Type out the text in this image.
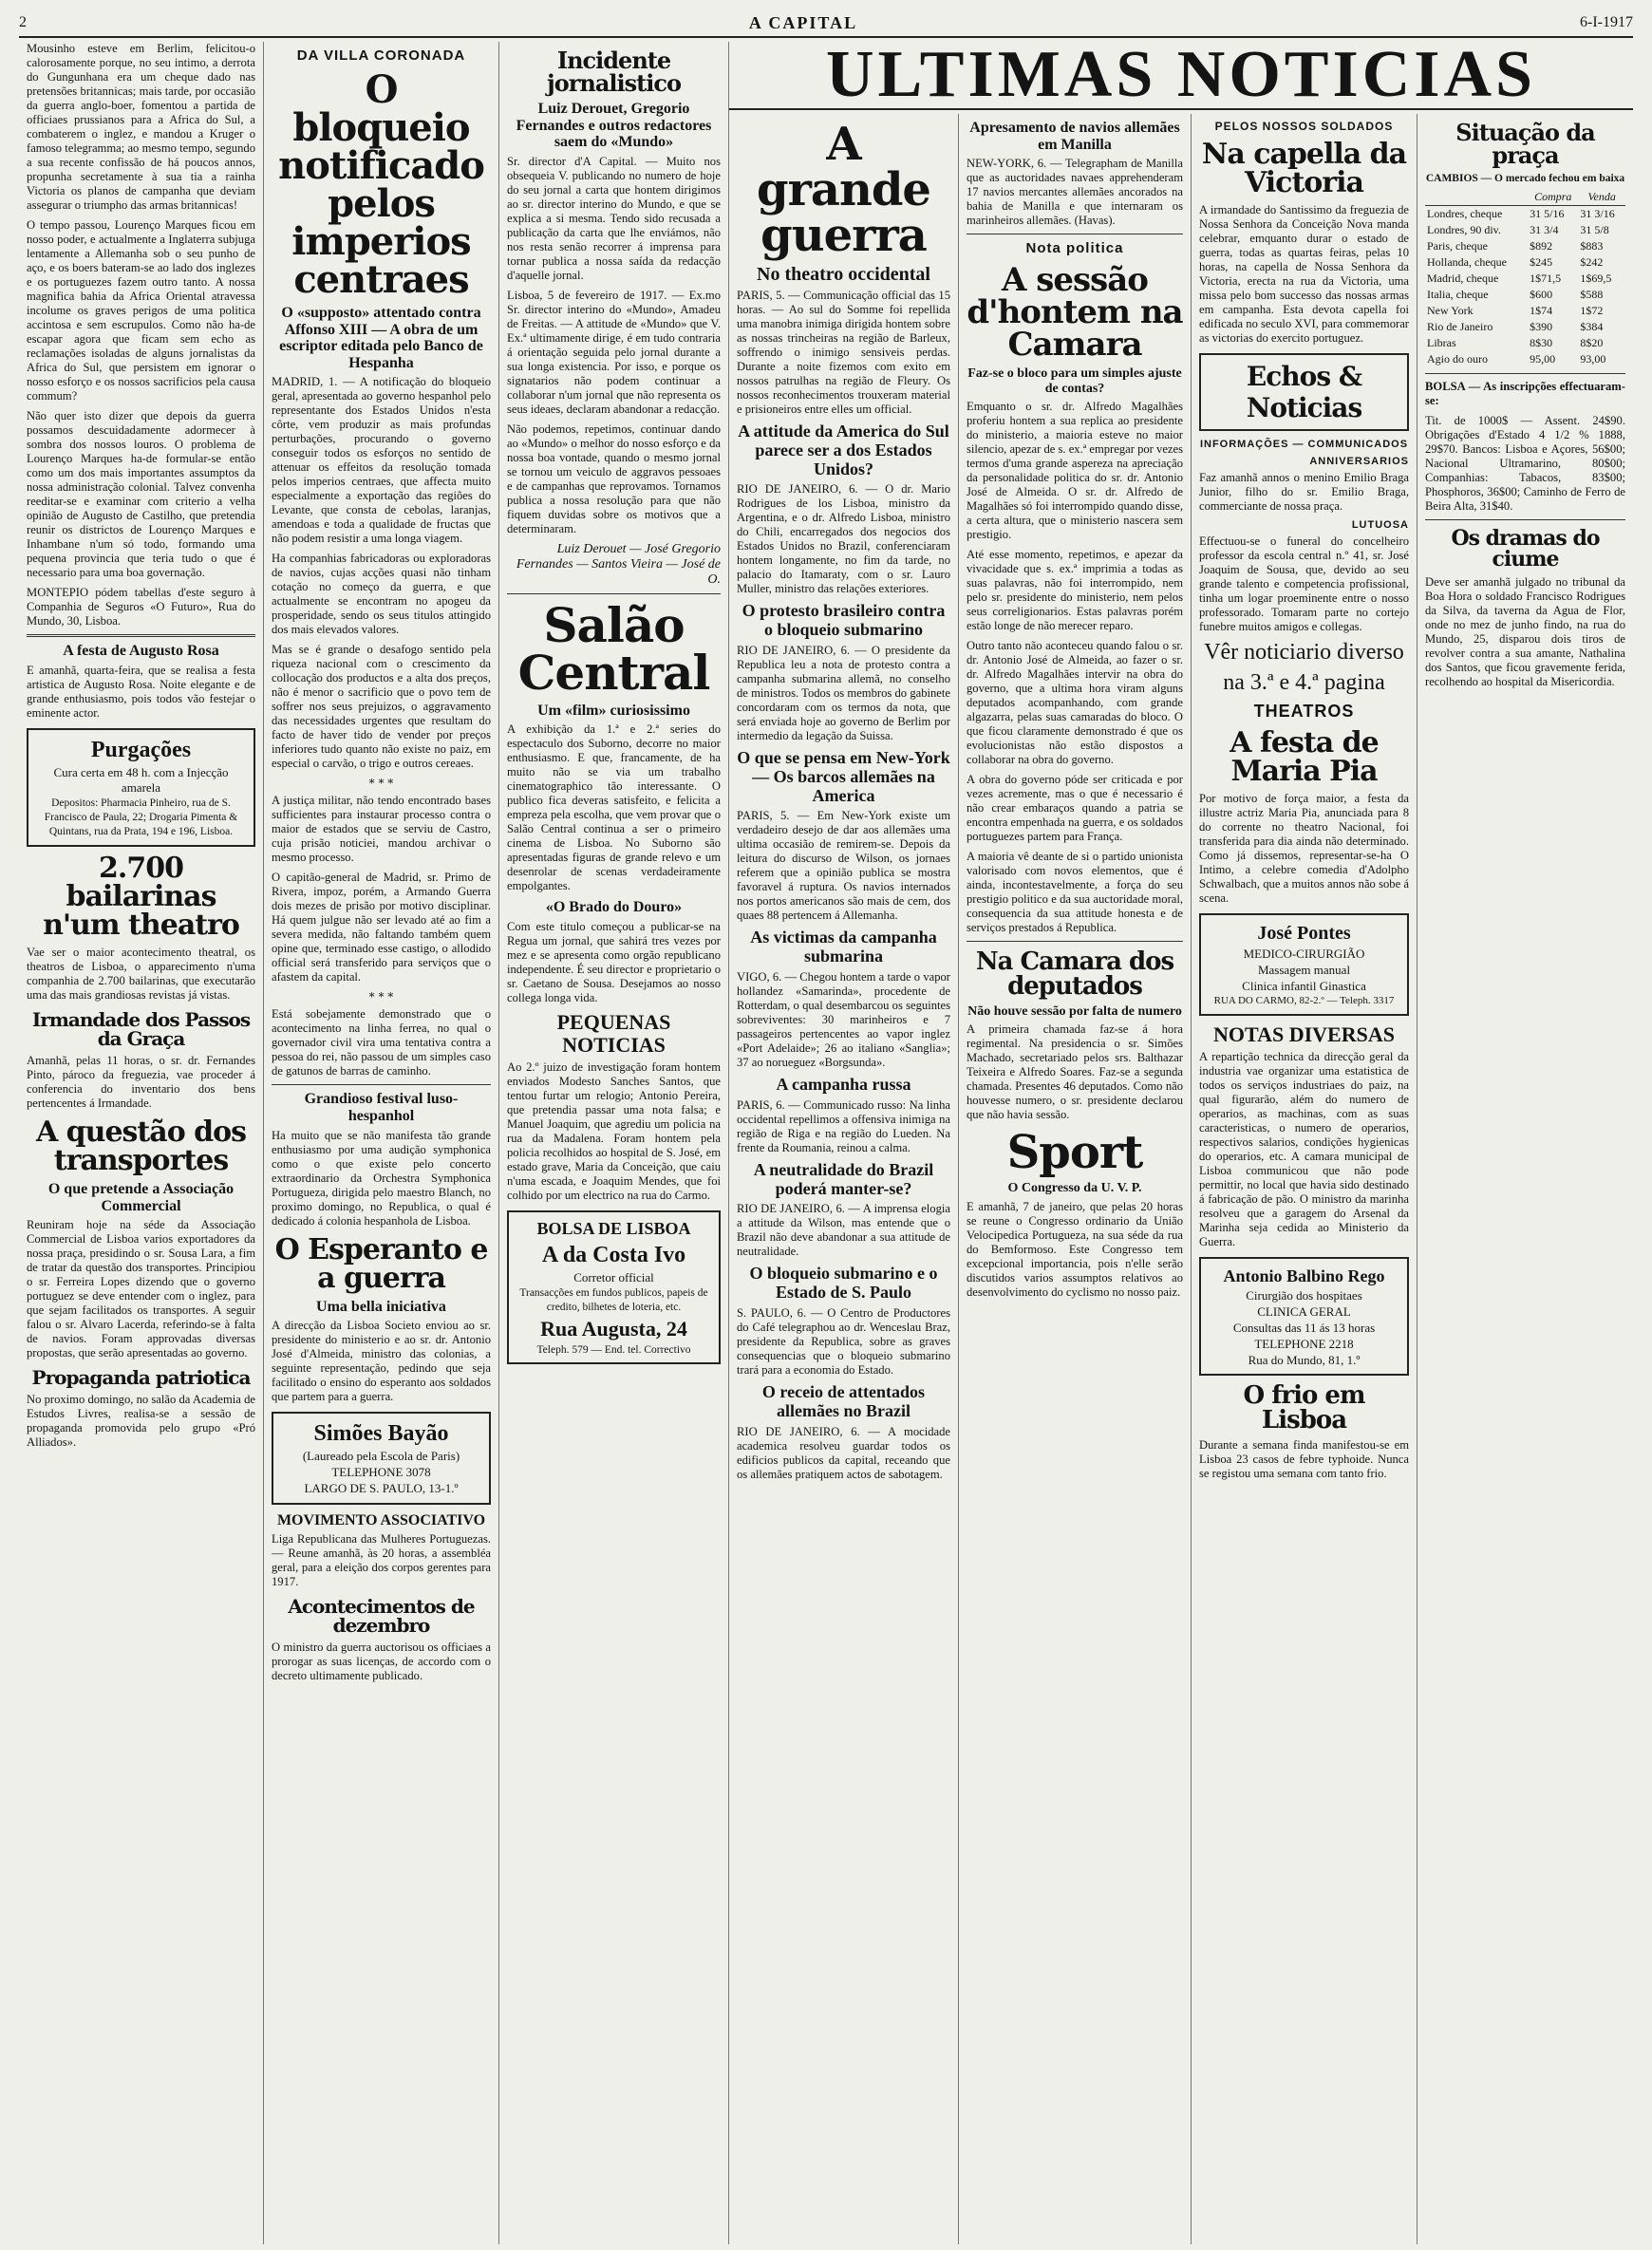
2	A CAPITAL	6-I-1917

Mousinho esteve em Berlim, felicitou-o calorosamente porque, no seu intimo, a derrota do Gungunhana era um cheque dado nas pretensões britannicas; mais tarde, por occasião da guerra anglo-boer, fomentou a partida de officiaes prussianos para a Africa do Sul, a combaterem o inglez, e mandou a Kruger o famoso telegramma; ao mesmo tempo, segundo a sua recente confissão de há poucos annos, propunha secretamente à sua tia a rainha Victoria os planos de campanha que deviam assegurar o triumpho das armas britannicas!

O tempo passou, Lourenço Marques ficou em nosso poder, e actualmente a Inglaterra subjuga lentamente a Allemanha sob o seu punho de aço, e os boers bateram-se ao lado dos inglezes e os portuguezes fazem outro tanto. A nossa magnifica bahia da Africa Oriental atravessa incolume os graves perigos de uma politica accintosa e sem escrupulos. Como não ha-de escapar agora que ficam sem echo as reclamações isoladas de alguns jornalistas da Africa do Sul, que persistem em ignorar o nosso esforço e os nossos sacrificios pela causa commum?

Não quer isto dizer que depois da guerra possamos descuidadamente adormecer à sombra dos nossos louros. O problema de Lourenço Marques ha-de formular-se então como um dos mais importantes assumptos da nossa administração colonial. Talvez convenha reeditar-se e examinar com criterio a velha opinião de Augusto de Castilho, que pretendia reunir os districtos de Lourenço Marques e Inhambane n'um só todo, formando uma pequena provincia que teria tudo o que é necessario para uma boa governação.

MONTEPIO pódem tabellas d'este seguro à Companhia de Seguros «O Futuro», Rua do Mundo, 30, Lisboa.

A festa de Augusto Rosa

E amanhã, quarta-feira, que se realisa a festa artistica de Augusto Rosa. Noite elegante e de grande enthusiasmo, pois todos vão festejar o eminente actor.

Purgações
Cura certa em 48 h. com a Injecção amarela
Depositos: Pharmacia Pinheiro, rua de S. Francisco de Paula, 22; Drogaria Pimenta & Quintans, rua da Prata, 194 e 196, Lisboa.
2.700 bailarinas n'um theatro

Vae ser o maior acontecimento theatral, os theatros de Lisboa, o apparecimento n'uma companhia de 2.700 bailarinas, que executarão uma das mais grandiosas revistas já vistas.

Irmandade dos Passos da Graça

Amanhã, pelas 11 horas, o sr. dr. Fernandes Pinto, pároco da freguezia, vae proceder á conferencia do inventario dos bens pertencentes á Irmandade.

A questão dos transportes
O que pretende a Associação Commercial

Reuniram hoje na séde da Associação Commercial de Lisboa varios exportadores da nossa praça, presidindo o sr. Sousa Lara, a fim de tratar da questão dos transportes. Principiou o sr. Ferreira Lopes dizendo que o governo portuguez se deve entender com o inglez, para que sejam facilitados os transportes. A seguir falou o sr. Alvaro Lacerda, referindo-se à falta de navios. Foram approvadas diversas propostas, que serão apresentadas ao governo.

Propaganda patriotica

No proximo domingo, no salão da Academia de Estudos Livres, realisa-se a sessão de propaganda promovida pelo grupo «Pró Alliados».

DA VILLA CORONADA
O bloqueio notificado pelos imperios centraes
O «supposto» attentado contra Affonso XIII — A obra de um escriptor editada pelo Banco de Hespanha

MADRID, 1. — A notificação do bloqueio geral, apresentada ao governo hespanhol pelo representante dos Estados Unidos n'esta côrte, vem produzir as mais profundas perturbações, procurando o governo conseguir todos os esforços no sentido de attenuar os effeitos da resolução tomada pelos imperios centraes, que affecta muito especialmente a exportação das regiões do Levante, que consta de cebolas, laranjas, amendoas e toda a qualidade de fructas que não podem resistir a uma longa viagem.

Ha companhias fabricadoras ou exploradoras de navios, cujas acções quasi não tinham cotação no começo da guerra, e que actualmente se encontram no apogeu da prosperidade, sendo os seus titulos attingido dos mais elevados valores.

Mas se é grande o desafogo sentido pela riqueza nacional com o crescimento da collocação dos productos e a alta dos preços, não é menor o sacrificio que o povo tem de soffrer nos seus prejuizos, o aggravamento das necessidades urgentes que resultam do facto de haver tido de vender por preços inferiores tudo quanto não existe no paiz, em especial o carvão, o trigo e outros cereaes.

* * *

A justiça militar, não tendo encontrado bases sufficientes para instaurar processo contra o maior de estados que se serviu de Castro, cuja prisão noticiei, mandou archivar o mesmo processo.

O capitão-general de Madrid, sr. Primo de Rivera, impoz, porém, a Armando Guerra dois mezes de prisão por motivo disciplinar. Há quem julgue não ser levado até ao fim a severa medida, não faltando também quem opine que, terminado esse castigo, o allodido official será transferido para serviços que o afastem da capital.

* * *

Está sobejamente demonstrado que o acontecimento na linha ferrea, no qual o governador civil vira uma tentativa contra a pessoa do rei, não passou de um simples caso de gatunos de barras de caminho.

Grandioso festival luso-hespanhol

Ha muito que se não manifesta tão grande enthusiasmo por uma audição symphonica como o que existe pelo concerto extraordinario da Orchestra Symphonica Portugueza, dirigida pelo maestro Blanch, no proximo domingo, no Republica, o qual é dedicado á colonia hespanhola de Lisboa.

O Esperanto e a guerra
Uma bella iniciativa

A direcção da Lisboa Societo enviou ao sr. presidente do ministerio e ao sr. dr. Antonio José d'Almeida, ministro das colonias, a seguinte representação, pedindo que seja facilitado o ensino do esperanto aos soldados que partem para a guerra.

Simões Bayão
(Laureado pela Escola de Paris)
TELEPHONE 3078
LARGO DE S. PAULO, 13-1.º
MOVIMENTO ASSOCIATIVO

Liga Republicana das Mulheres Portuguezas. — Reune amanhã, às 20 horas, a assembléa geral, para a eleição dos corpos gerentes para 1917.

Acontecimentos de dezembro

O ministro da guerra auctorisou os officiaes a prorogar as suas licenças, de accordo com o decreto ultimamente publicado.

Incidente jornalistico
Luiz Derouet, Gregorio Fernandes e outros redactores saem do «Mundo»

Sr. director d'A Capital. — Muito nos obsequeia V. publicando no numero de hoje do seu jornal a carta que hontem dirigimos ao sr. director interino do Mundo, e que se explica a si mesma. Tendo sido recusada a publicação da carta que lhe enviámos, não nos resta senão recorrer á imprensa para tornar publica a nossa saída da redacção d'aquelle jornal.

Lisboa, 5 de fevereiro de 1917. — Ex.mo Sr. director interino do «Mundo», Amadeu de Freitas. — A attitude de «Mundo» que V. Ex.ª ultimamente dirige, é em tudo contraria á orientação seguida pelo jornal durante a sua longa existencia. Por isso, e porque os signatarios não podem continuar a collaborar n'um jornal que não representa os seus ideaes, declaram abandonar a redacção.

Não podemos, repetimos, continuar dando ao «Mundo» o melhor do nosso esforço e da nossa boa vontade, quando o mesmo jornal se tornou um veiculo de aggravos pessoaes e de campanhas que reprovamos. Tornamos publica a nossa resolução para que não fiquem duvidas sobre os motivos que a determinaram.

Luiz Derouet — José Gregorio Fernandes — Santos Vieira — José de O.
Salão Central
Um «film» curiosissimo

A exhibição da 1.ª e 2.ª series do espectaculo dos Suborno, decorre no maior enthusiasmo. E que, francamente, de ha muito não se via um trabalho cinematographico tão interessante. O publico fica deveras satisfeito, e felicita a empreza pela escolha, que vem provar que o Salão Central continua a ser o primeiro cinema de Lisboa. No Suborno são apresentadas figuras de grande relevo e um desenrolar de scenas verdadeiramente empolgantes.

«O Brado do Douro»

Com este titulo começou a publicar-se na Regua um jornal, que sahirá tres vezes por mez e se apresenta como orgão republicano independente. É seu director e proprietario o sr. Caetano de Sousa. Desejamos ao nosso collega longa vida.

PEQUENAS NOTICIAS

Ao 2.º juizo de investigação foram hontem enviados Modesto Sanches Santos, que tentou furtar um relogio; Antonio Pereira, que pretendia passar uma nota falsa; e Manuel Joaquim, que agrediu um policia na rua da Madalena. Foram hontem pela policia recolhidos ao hospital de S. José, em estado grave, Maria da Conceição, que caiu n'uma escada, e Joaquim Mendes, que foi colhido por um electrico na rua do Carmo.

BOLSA DE LISBOA
A da Costa Ivo
Corretor official
Transacções em fundos publicos, papeis de credito, bilhetes de loteria, etc.
Rua Augusta, 24
Teleph. 579 — End. tel. Correctivo
ULTIMAS NOTICIAS
A grande guerra
No theatro occidental

PARIS, 5. — Communicação official das 15 horas. — Ao sul do Somme foi repellida uma manobra inimiga dirigida hontem sobre as nossas trincheiras na região de Barleux, soffrendo o inimigo sensiveis perdas. Durante a noite fizemos com exito em nossos patrulhas na região de Fleury. Os nossos reconhecimentos trouxeram material e prisioneiros entre elles um official.

A attitude da America do Sul parece ser a dos Estados Unidos?

RIO DE JANEIRO, 6. — O dr. Mario Rodrigues de los Lisboa, ministro da Argentina, e o dr. Alfredo Lisboa, ministro do Chili, encarregados dos negocios dos Estados Unidos no Brazil, conferenciaram hontem longamente, no fim da tarde, no palacio do Itamaraty, com o sr. Lauro Muller, ministro das relações exteriores.

O protesto brasileiro contra o bloqueio submarino

RIO DE JANEIRO, 6. — O presidente da Republica leu a nota de protesto contra a campanha submarina allemã, no conselho de ministros. Todos os membros do gabinete concordaram com os termos da nota, que será enviada hoje ao governo de Berlim por intermedio da legação da Suissa.

O que se pensa em New-York — Os barcos allemães na America

PARIS, 5. — Em New-York existe um verdadeiro desejo de dar aos allemães uma ultima occasião de remirem-se. Depois da leitura do discurso de Wilson, os jornaes referem que a opinião publica se mostra favoravel á ruptura. Os navios internados nos portos americanos são mais de cem, dos quaes 88 pertencem á Allemanha.

As victimas da campanha submarina

VIGO, 6. — Chegou hontem a tarde o vapor hollandez «Samarinda», procedente de Rotterdam, o qual desembarcou os seguintes sobreviventes: 30 marinheiros e 7 passageiros pertencentes ao vapor inglez «Port Adelaide»; 26 ao italiano «Sanglia»; 37 ao norueguez «Borgsunda».

A campanha russa

PARIS, 6. — Communicado russo: Na linha occidental repellimos a offensiva inimiga na região de Riga e na região do Lueden. Na frente da Roumania, reinou a calma.

A neutralidade do Brazil poderá manter-se?

RIO DE JANEIRO, 6. — A imprensa elogia a attitude da Wilson, mas entende que o Brazil não deve abandonar a sua attitude de neutralidade.

O bloqueio submarino e o Estado de S. Paulo

S. PAULO, 6. — O Centro de Productores do Café telegraphou ao dr. Wenceslau Braz, presidente da Republica, sobre as graves consequencias que o bloqueio submarino trará para a economia do Estado.

O receio de attentados allemães no Brazil

RIO DE JANEIRO, 6. — A mocidade academica resolveu guardar todos os edificios publicos da capital, receando que os allemães pratiquem actos de sabotagem.

Apresamento de navios allemães em Manilla

NEW-YORK, 6. — Telegrapham de Manilla que as auctoridades navaes apprehenderam 17 navios mercantes allemães ancorados na bahia de Manilla e que internaram os marinheiros allemães. (Havas).

Nota politica
A sessão d'hontem na Camara
Faz-se o bloco para um simples ajuste de contas?

Emquanto o sr. dr. Alfredo Magalhães proferiu hontem a sua replica ao presidente do ministerio, a maioria esteve no maior silencio, apezar de s. ex.ª empregar por vezes termos d'uma grande aspereza na apreciação da personalidade politica do sr. dr. Antonio José de Almeida. O sr. dr. Alfredo de Magalhães só foi interrompido quando disse, a certa altura, que o ministerio nascera sem prestigio.

Até esse momento, repetimos, e apezar da vivacidade que s. ex.ª imprimia a todas as suas palavras, não foi interrompido, nem pelo sr. presidente do ministerio, nem pelos seus correligionarios. Estas palavras porém estão longe de não merecer reparo.

Outro tanto não aconteceu quando falou o sr. dr. Antonio José de Almeida, ao fazer o sr. dr. Alfredo Magalhães intervir na obra do governo, que a ultima hora viram alguns deputados acompanhando, com grande algazarra, pelas suas camaradas do bloco. O que ficou claramente demonstrado é que os evolucionistas não estão dispostos a collaborar na obra do governo.

A obra do governo póde ser criticada e por vezes acremente, mas o que é necessario é não crear embaraços quando a patria se encontra empenhada na guerra, e os soldados portuguezes partem para França.

A maioria vê deante de si o partido unionista valorisado com novos elementos, que é ainda, incontestavelmente, a força do seu prestigio politico e da sua auctoridade moral, consequencia da sua attitude honesta e de serviços prestados á Republica.

Na Camara dos deputados
Não houve sessão por falta de numero

A primeira chamada faz-se á hora regimental. Na presidencia o sr. Simões Machado, secretariado pelos srs. Balthazar Teixeira e Alfredo Soares. Faz-se a segunda chamada. Presentes 46 deputados. Como não houvesse numero, o sr. presidente declarou que não havia sessão.

Sport
O Congresso da U. V. P.

E amanhã, 7 de janeiro, que pelas 20 horas se reune o Congresso ordinario da União Velocipedica Portugueza, na sua séde da rua do Bemformoso. Este Congresso tem excepcional importancia, pois n'elle serão discutidos varios assumptos relativos ao desenvolvimento do cyclismo no nosso paiz.

PELOS NOSSOS SOLDADOS
Na capella da Victoria

A irmandade do Santissimo da freguezia de Nossa Senhora da Conceição Nova manda celebrar, emquanto durar o estado de guerra, todas as quartas feiras, pelas 10 horas, na capella de Nossa Senhora da Victoria, erecta na rua da Victoria, uma missa pelo bom successo das nossas armas em campanha. Esta devota capella foi edificada no seculo XVI, para commemorar as victorias do exercito portuguez.

Echos & Noticias
INFORMAÇÕES — COMMUNICADOS
ANNIVERSARIOS

Faz amanhã annos o menino Emilio Braga Junior, filho do sr. Emilio Braga, commerciante de nossa praça.

LUTUOSA

Effectuou-se o funeral do concelheiro professor da escola central n.º 41, sr. José Joaquim de Sousa, que, devido ao seu grande talento e competencia profissional, tinha um logar proeminente entre o nosso professorado. Tomaram parte no cortejo funebre muitos amigos e collegas.

Vêr noticiario diverso
na 3.ª e 4.ª pagina
THEATROS
A festa de Maria Pia

Por motivo de força maior, a festa da illustre actriz Maria Pia, anunciada para 8 do corrente no theatro Nacional, foi transferida para dia ainda não determinado. Como já dissemos, representar-se-ha O Intimo, a celebre comedia d'Adolpho Schwalbach, que a muitos annos não sobe á scena.

José Pontes
MEDICO-CIRURGIÃO
Massagem manual
Clinica infantil Ginastica
RUA DO CARMO, 82-2.º — Teleph. 3317
NOTAS DIVERSAS

A repartição technica da direcção geral da industria vae organizar uma estatistica de todos os serviços industriaes do paiz, na qual figurarão, além do numero de operarios, as machinas, com as suas caracteristicas, o numero de operarios, respectivos salarios, condições hygienicas do operarios, etc. A camara municipal de Lisboa communicou que não pode permittir, no local que havia sido destinado á fabricação de pão. O ministro da marinha resolveu que a garagem do Arsenal da Marinha seja cedida ao Ministerio da Guerra.

Antonio Balbino Rego
Cirurgião dos hospitaes
CLINICA GERAL
Consultas das 11 ás 13 horas
TELEPHONE 2218
Rua do Mundo, 81, 1.º
O frio em Lisboa

Durante a semana finda manifestou-se em Lisboa 23 casos de febre typhoide. Nunca se registou uma semana com tanto frio.

Situação da praça
CAMBIOS — O mercado fechou em baixa
	Compra	Venda
Londres, cheque	31 5/16	31 3/16
Londres, 90 div.	31 3/4	31 5/8
Paris, cheque	$892	$883
Hollanda, cheque	$245	$242
Madrid, cheque	1$71,5	1$69,5
Italia, cheque	$600	$588
New York	1$74	1$72
Rio de Janeiro	$390	$384
Libras	8$30	8$20
Agio do ouro	95,00	93,00

BOLSA — As inscripções effectuaram-se:

Tit. de 1000$ — Assent. 24$90. Obrigações d'Estado 4 1/2 % 1888, 29$70. Bancos: Lisboa e Açores, 56$00; Nacional Ultramarino, 80$00; Companhias: Tabacos, 83$00; Phosphoros, 36$00; Caminho de Ferro de Beira Alta, 31$40.

Os dramas do ciume

Deve ser amanhã julgado no tribunal da Boa Hora o soldado Francisco Rodrigues da Silva, da taverna da Agua de Flor, onde no mez de junho findo, na rua do Mundo, 25, disparou dois tiros de revolver contra a sua amante, Nathalina dos Santos, que ficou gravemente ferida, recolhendo ao hospital da Misericordia.
